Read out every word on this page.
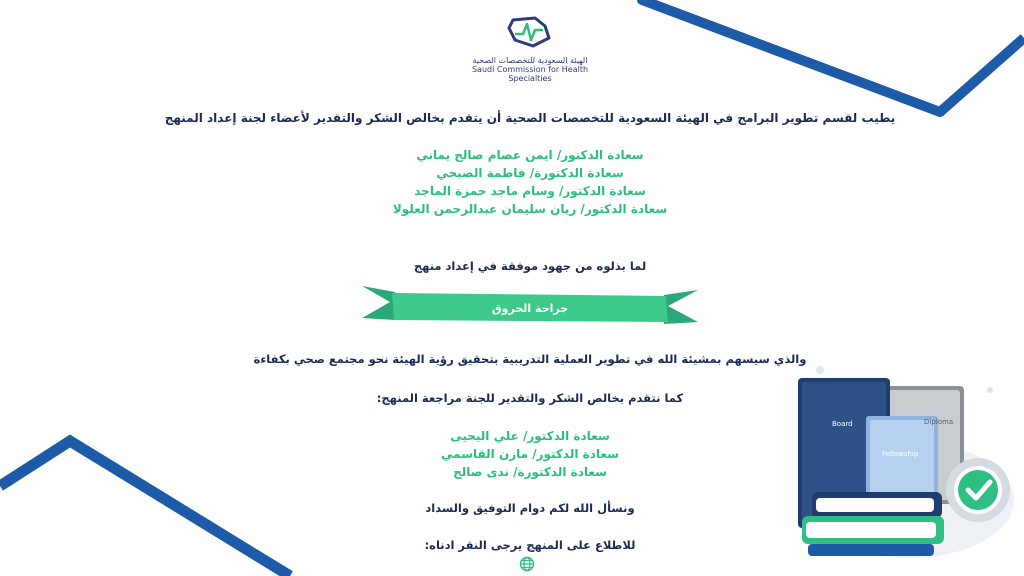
الهيئة السعودية للتخصصات الصحية
Saudi Commission for Health Specialties
يطيب لقسم تطوير البرامج في الهيئة السعودية للتخصصات الصحية أن يتقدم بخالص الشكر والتقدير لأعضاء لجنة إعداد المنهج
سعادة الدكتور/ ايمن عصام صالح يماني
سعادة الدكتورة/ فاطمة الصبحي
سعادة الدكتور/ وسام ماجد حمزة الماجد
سعادة الدكتور/ ريان سليمان عبدالرحمن العلولا
لما بذلوه من جهود موفقة في إعداد منهج
جراحة الحروق
والذي سيسهم بمشيئة الله في تطوير العملية التدريبية بتحقيق رؤية الهيئة نحو مجتمع صحي بكفاءة
كما نتقدم بخالص الشكر والتقدير للجنة مراجعة المنهج:
سعادة الدكتور/ علي اليحيى
سعادة الدكتور/ مازن القاسمي
سعادة الدكتورة/ ندى صالح
ونسأل الله لكم دوام التوفيق والسداد
للاطلاع على المنهج يرجى النقر ادناه:
Board	Diploma
Fellowship
